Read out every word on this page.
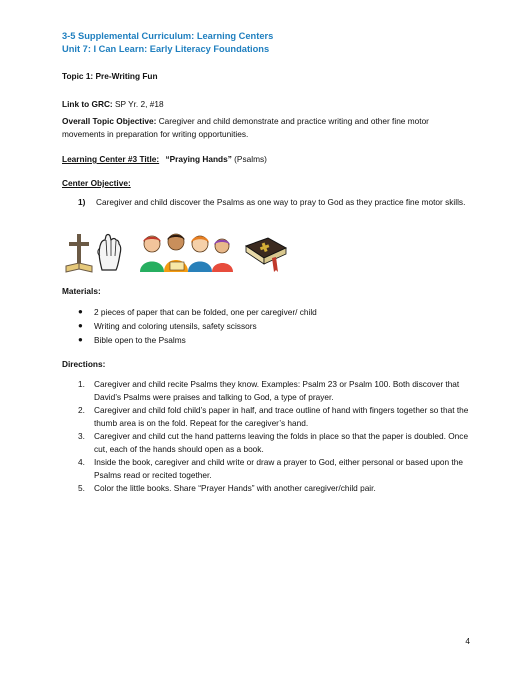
3-5 Supplemental Curriculum: Learning Centers
Unit 7: I Can Learn: Early Literacy Foundations
Topic 1: Pre-Writing Fun
Link to GRC: SP Yr. 2, #18
Overall Topic Objective: Caregiver and child demonstrate and practice writing and other fine motor movements in preparation for writing opportunities.
Learning Center #3 Title: “Praying Hands” (Psalms)
Center Objective:
1) Caregiver and child discover the Psalms as one way to pray to God as they practice fine motor skills.
Materials:
● 2 pieces of paper that can be folded, one per caregiver/ child
● Writing and coloring utensils, safety scissors
● Bible open to the Psalms
Directions:
1. Caregiver and child recite Psalms they know. Examples: Psalm 23 or Psalm 100. Both discover that David’s Psalms were praises and talking to God, a type of prayer.
2. Caregiver and child fold child’s paper in half, and trace outline of hand with fingers together so that the thumb area is on the fold. Repeat for the caregiver’s hand.
3. Caregiver and child cut the hand patterns leaving the folds in place so that the paper is doubled. Once cut, each of the hands should open as a book.
4. Inside the book, caregiver and child write or draw a prayer to God, either personal or based upon the Psalms read or recited together.
5. Color the little books. Share “Prayer Hands” with another caregiver/child pair.
4
